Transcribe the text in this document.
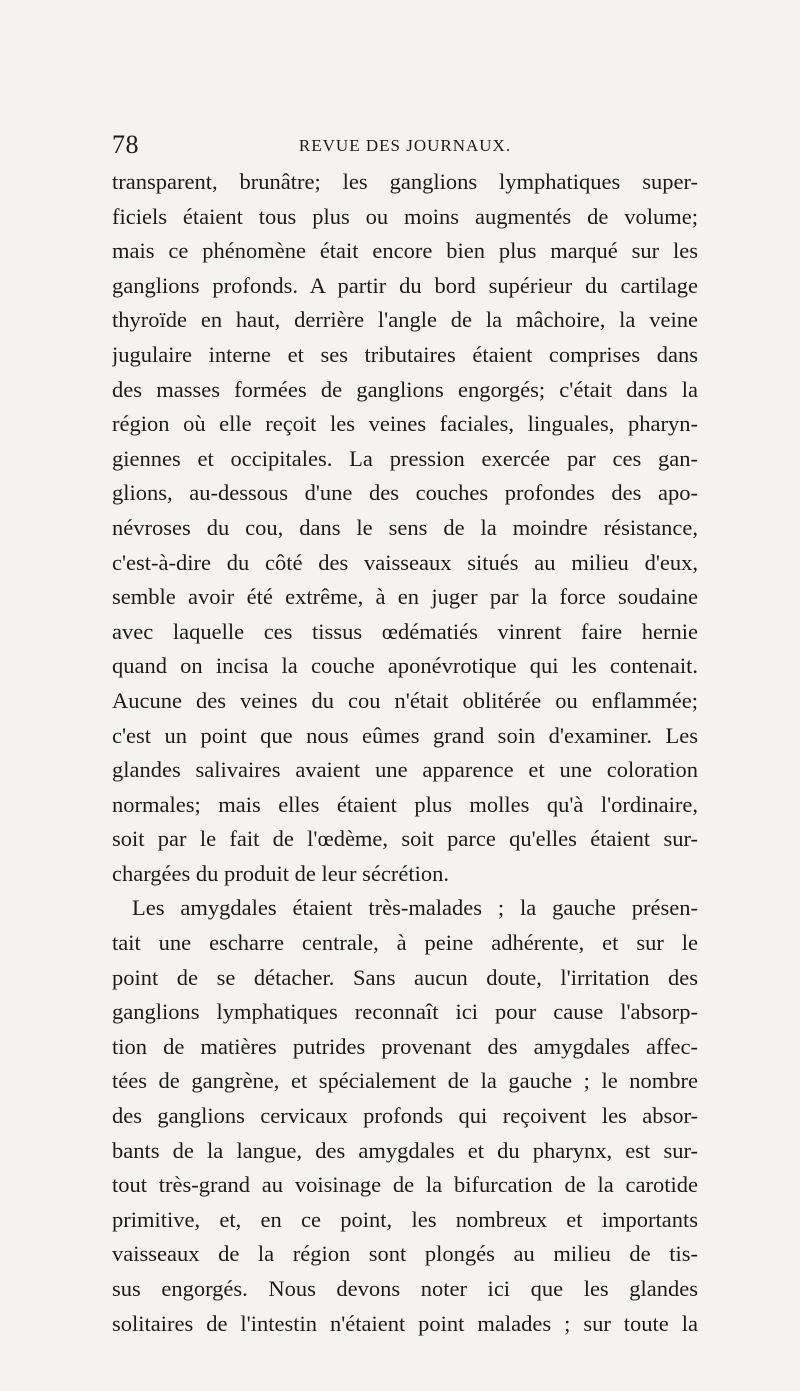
78	REVUE DES JOURNAUX.
transparent, brunâtre; les ganglions lymphatiques super-
ficiels étaient tous plus ou moins augmentés de volume;
mais ce phénomène était encore bien plus marqué sur les
ganglions profonds. A partir du bord supérieur du cartilage
thyroïde en haut, derrière l'angle de la mâchoire, la veine
jugulaire interne et ses tributaires étaient comprises dans
des masses formées de ganglions engorgés; c'était dans la
région où elle reçoit les veines faciales, linguales, pharyn-
giennes et occipitales. La pression exercée par ces gan-
glions, au-dessous d'une des couches profondes des apo-
névroses du cou, dans le sens de la moindre résistance,
c'est-à-dire du côté des vaisseaux situés au milieu d'eux,
semble avoir été extrême, à en juger par la force soudaine
avec laquelle ces tissus œdématiés vinrent faire hernie
quand on incisa la couche aponévrotique qui les contenait.
Aucune des veines du cou n'était oblitérée ou enflammée;
c'est un point que nous eûmes grand soin d'examiner. Les
glandes salivaires avaient une apparence et une coloration
normales; mais elles étaient plus molles qu'à l'ordinaire,
soit par le fait de l'œdème, soit parce qu'elles étaient sur-
chargées du produit de leur sécrétion.
Les amygdales étaient très-malades ; la gauche présen-
tait une escharre centrale, à peine adhérente, et sur le
point de se détacher. Sans aucun doute, l'irritation des
ganglions lymphatiques reconnaît ici pour cause l'absorp-
tion de matières putrides provenant des amygdales affec-
tées de gangrène, et spécialement de la gauche ; le nombre
des ganglions cervicaux profonds qui reçoivent les absor-
bants de la langue, des amygdales et du pharynx, est sur-
tout très-grand au voisinage de la bifurcation de la carotide
primitive, et, en ce point, les nombreux et importants
vaisseaux de la région sont plongés au milieu de tis-
sus engorgés. Nous devons noter ici que les glandes
solitaires de l'intestin n'étaient point malades ; sur toute la
